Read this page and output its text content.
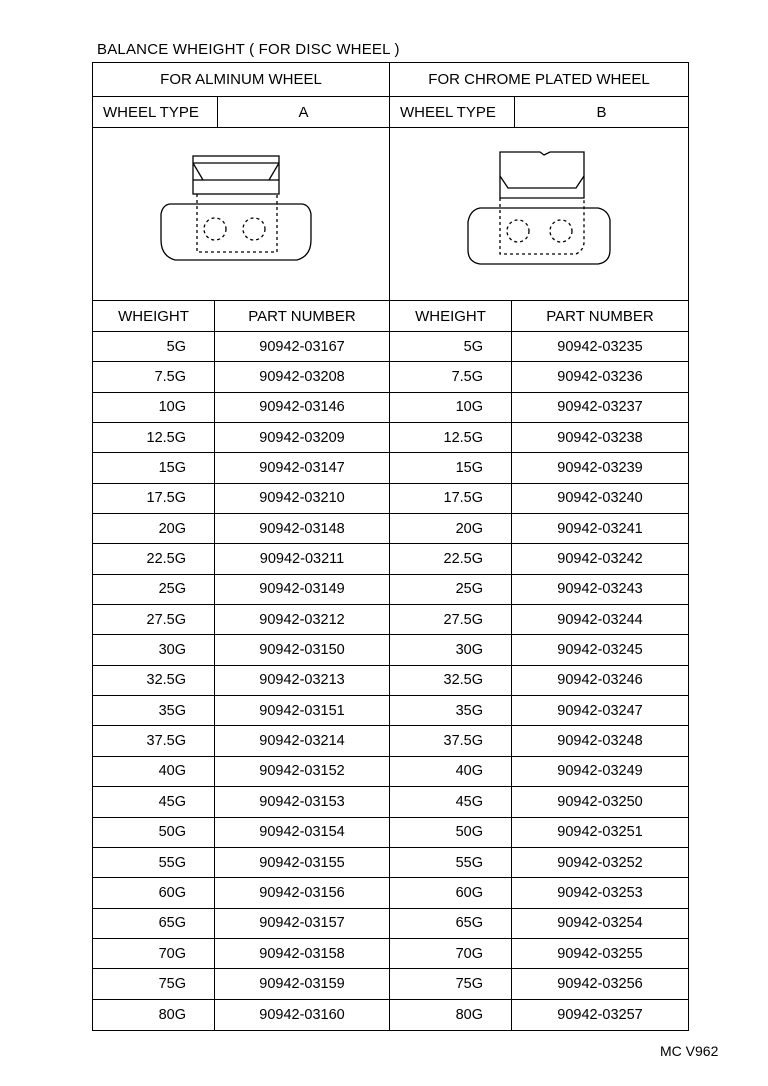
BALANCE WHEIGHT ( FOR DISC WHEEL )
FOR ALMINUM WHEEL
WHEEL TYPE	A
WHEIGHT	PART NUMBER
5G	90942-03167
7.5G	90942-03208
10G	90942-03146
12.5G	90942-03209
15G	90942-03147
17.5G	90942-03210
20G	90942-03148
22.5G	90942-03211
25G	90942-03149
27.5G	90942-03212
30G	90942-03150
32.5G	90942-03213
35G	90942-03151
37.5G	90942-03214
40G	90942-03152
45G	90942-03153
50G	90942-03154
55G	90942-03155
60G	90942-03156
65G	90942-03157
70G	90942-03158
75G	90942-03159
80G	90942-03160
FOR CHROME PLATED WHEEL
WHEEL TYPE	B
WHEIGHT	PART NUMBER
5G	90942-03235
7.5G	90942-03236
10G	90942-03237
12.5G	90942-03238
15G	90942-03239
17.5G	90942-03240
20G	90942-03241
22.5G	90942-03242
25G	90942-03243
27.5G	90942-03244
30G	90942-03245
32.5G	90942-03246
35G	90942-03247
37.5G	90942-03248
40G	90942-03249
45G	90942-03250
50G	90942-03251
55G	90942-03252
60G	90942-03253
65G	90942-03254
70G	90942-03255
75G	90942-03256
80G	90942-03257
MC V962
